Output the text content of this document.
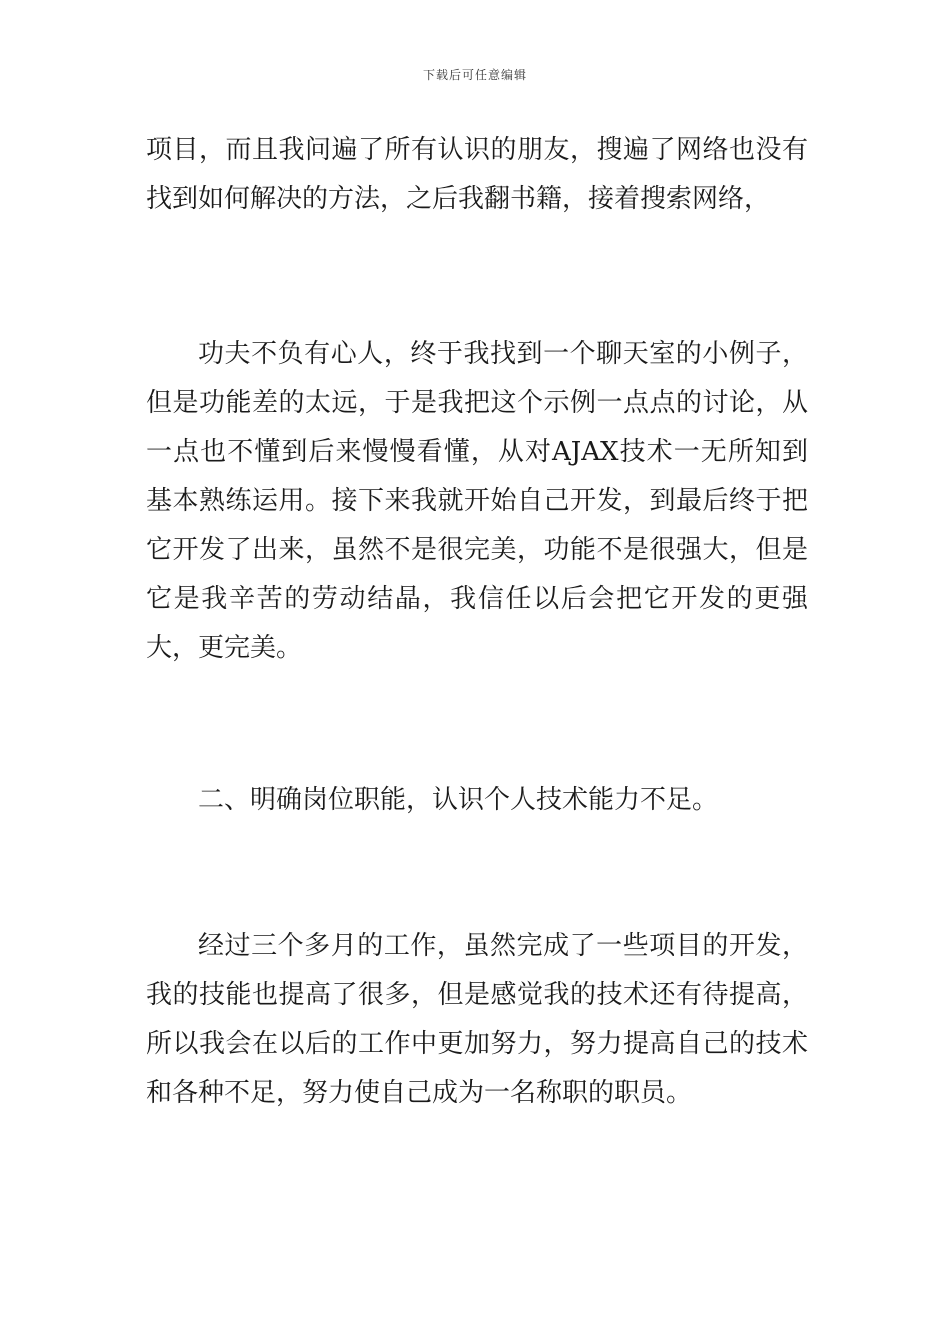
下载后可任意编辑

项目，而且我问遍了所有认识的朋友，搜遍了网络也没有找到如何解决的方法，之后我翻书籍，接着搜索网络，

功夫不负有心人，终于我找到一个聊天室的小例子，但是功能差的太远，于是我把这个示例一点点的讨论，从一点也不懂到后来慢慢看懂，从对AJAX技术一无所知到基本熟练运用。接下来我就开始自己开发，到最后终于把它开发了出来，虽然不是很完美，功能不是很强大，但是它是我辛苦的劳动结晶，我信任以后会把它开发的更强大，更完美。

二、明确岗位职能，认识个人技术能力不足。

经过三个多月的工作，虽然完成了一些项目的开发，我的技能也提高了很多，但是感觉我的技术还有待提高，所以我会在以后的工作中更加努力，努力提高自己的技术和各种不足，努力使自己成为一名称职的职员。
